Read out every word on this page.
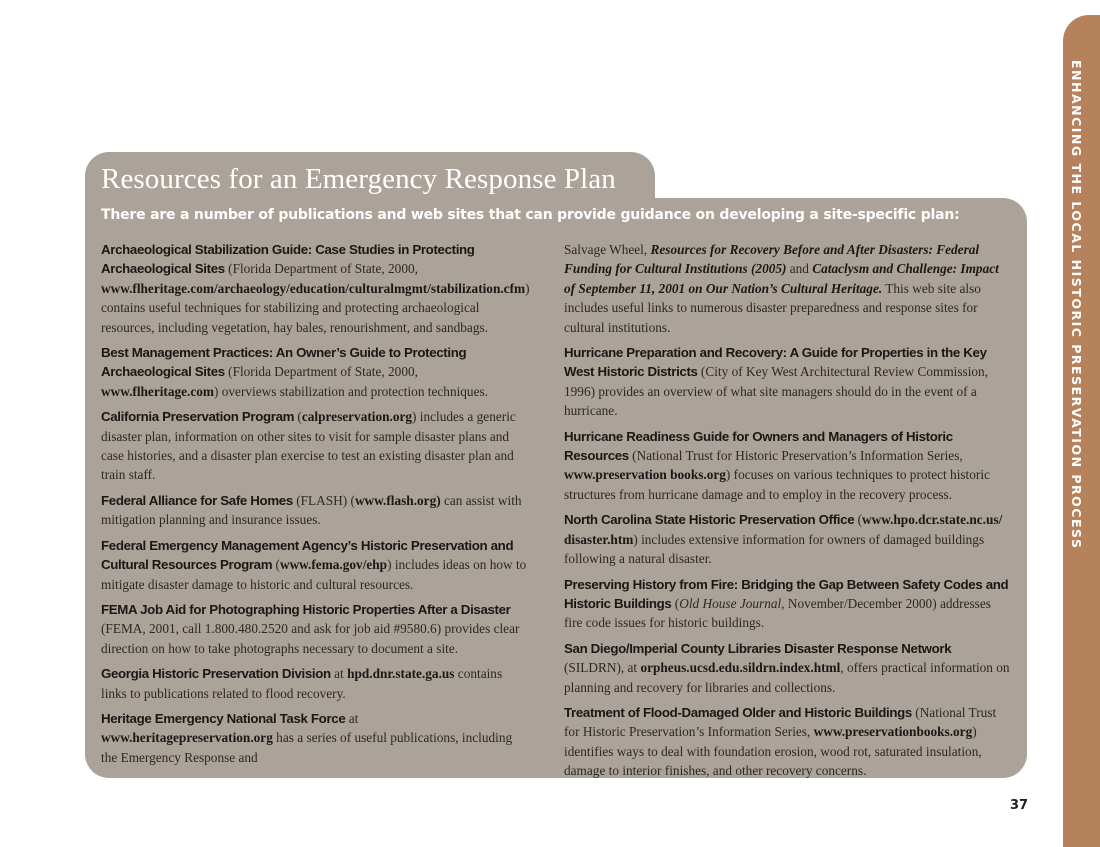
ENHANCING THE LOCAL HISTORIC PRESERVATION PROCESS
Resources for an Emergency Response Plan
There are a number of publications and web sites that can provide guidance on developing a site-specific plan:

Archaeological Stabilization Guide: Case Studies in Protecting Archaeological Sites (Florida Department of State, 2000, www.flheritage.com/archaeology/education/culturalmgmt/stabilization.cfm) contains useful techniques for stabilizing and protecting archaeological resources, including vegetation, hay bales, renourishment, and sandbags.

Best Management Practices: An Owner’s Guide to Protecting Archaeological Sites (Florida Department of State, 2000, www.flheritage.com) overviews stabilization and protection techniques.

California Preservation Program (calpreservation.org) includes a generic disaster plan, information on other sites to visit for sample disaster plans and case histories, and a disaster plan exercise to test an existing disaster plan and train staff.

Federal Alliance for Safe Homes (FLASH) (www.flash.org) can assist with mitigation planning and insurance issues.

Federal Emergency Management Agency’s Historic Preservation and Cultural Resources Program (www.fema.gov/ehp) includes ideas on how to mitigate disaster damage to historic and cultural resources.

FEMA Job Aid for Photographing Historic Properties After a Disaster (FEMA, 2001, call 1.800.480.2520 and ask for job aid #9580.6) provides clear direction on how to take photographs necessary to document a site.

Georgia Historic Preservation Division at hpd.dnr.state.ga.us contains links to publications related to flood recovery.

Heritage Emergency National Task Force at www.heritagepreservation.org has a series of useful publications, including the Emergency Response and

Salvage Wheel, Resources for Recovery Before and After Disasters: Federal Funding for Cultural Institutions (2005) and Cataclysm and Challenge: Impact of September 11, 2001 on Our Nation’s Cultural Heritage. This web site also includes useful links to numerous disaster preparedness and response sites for cultural institutions.

Hurricane Preparation and Recovery: A Guide for Properties in the Key West Historic Districts (City of Key West Architectural Review Commission, 1996) provides an overview of what site managers should do in the event of a hurricane.

Hurricane Readiness Guide for Owners and Managers of Historic Resources (National Trust for Historic Preservation’s Information Series, www.preservation books.org) focuses on various techniques to protect historic structures from hurricane damage and to employ in the recovery process.

North Carolina State Historic Preservation Office (www.hpo.dcr.state.nc.us/ disaster.htm) includes extensive information for owners of damaged buildings following a natural disaster.

Preserving History from Fire: Bridging the Gap Between Safety Codes and Historic Buildings (Old House Journal, November/December 2000) addresses fire code issues for historic buildings.

San Diego/Imperial County Libraries Disaster Response Network (SILDRN), at orpheus.ucsd.edu.sildrn.index.html, offers practical information on planning and recovery for libraries and collections.

Treatment of Flood-Damaged Older and Historic Buildings (National Trust for Historic Preservation’s Information Series, www.preservationbooks.org) identifies ways to deal with foundation erosion, wood rot, saturated insulation, damage to interior finishes, and other recovery concerns.

37
